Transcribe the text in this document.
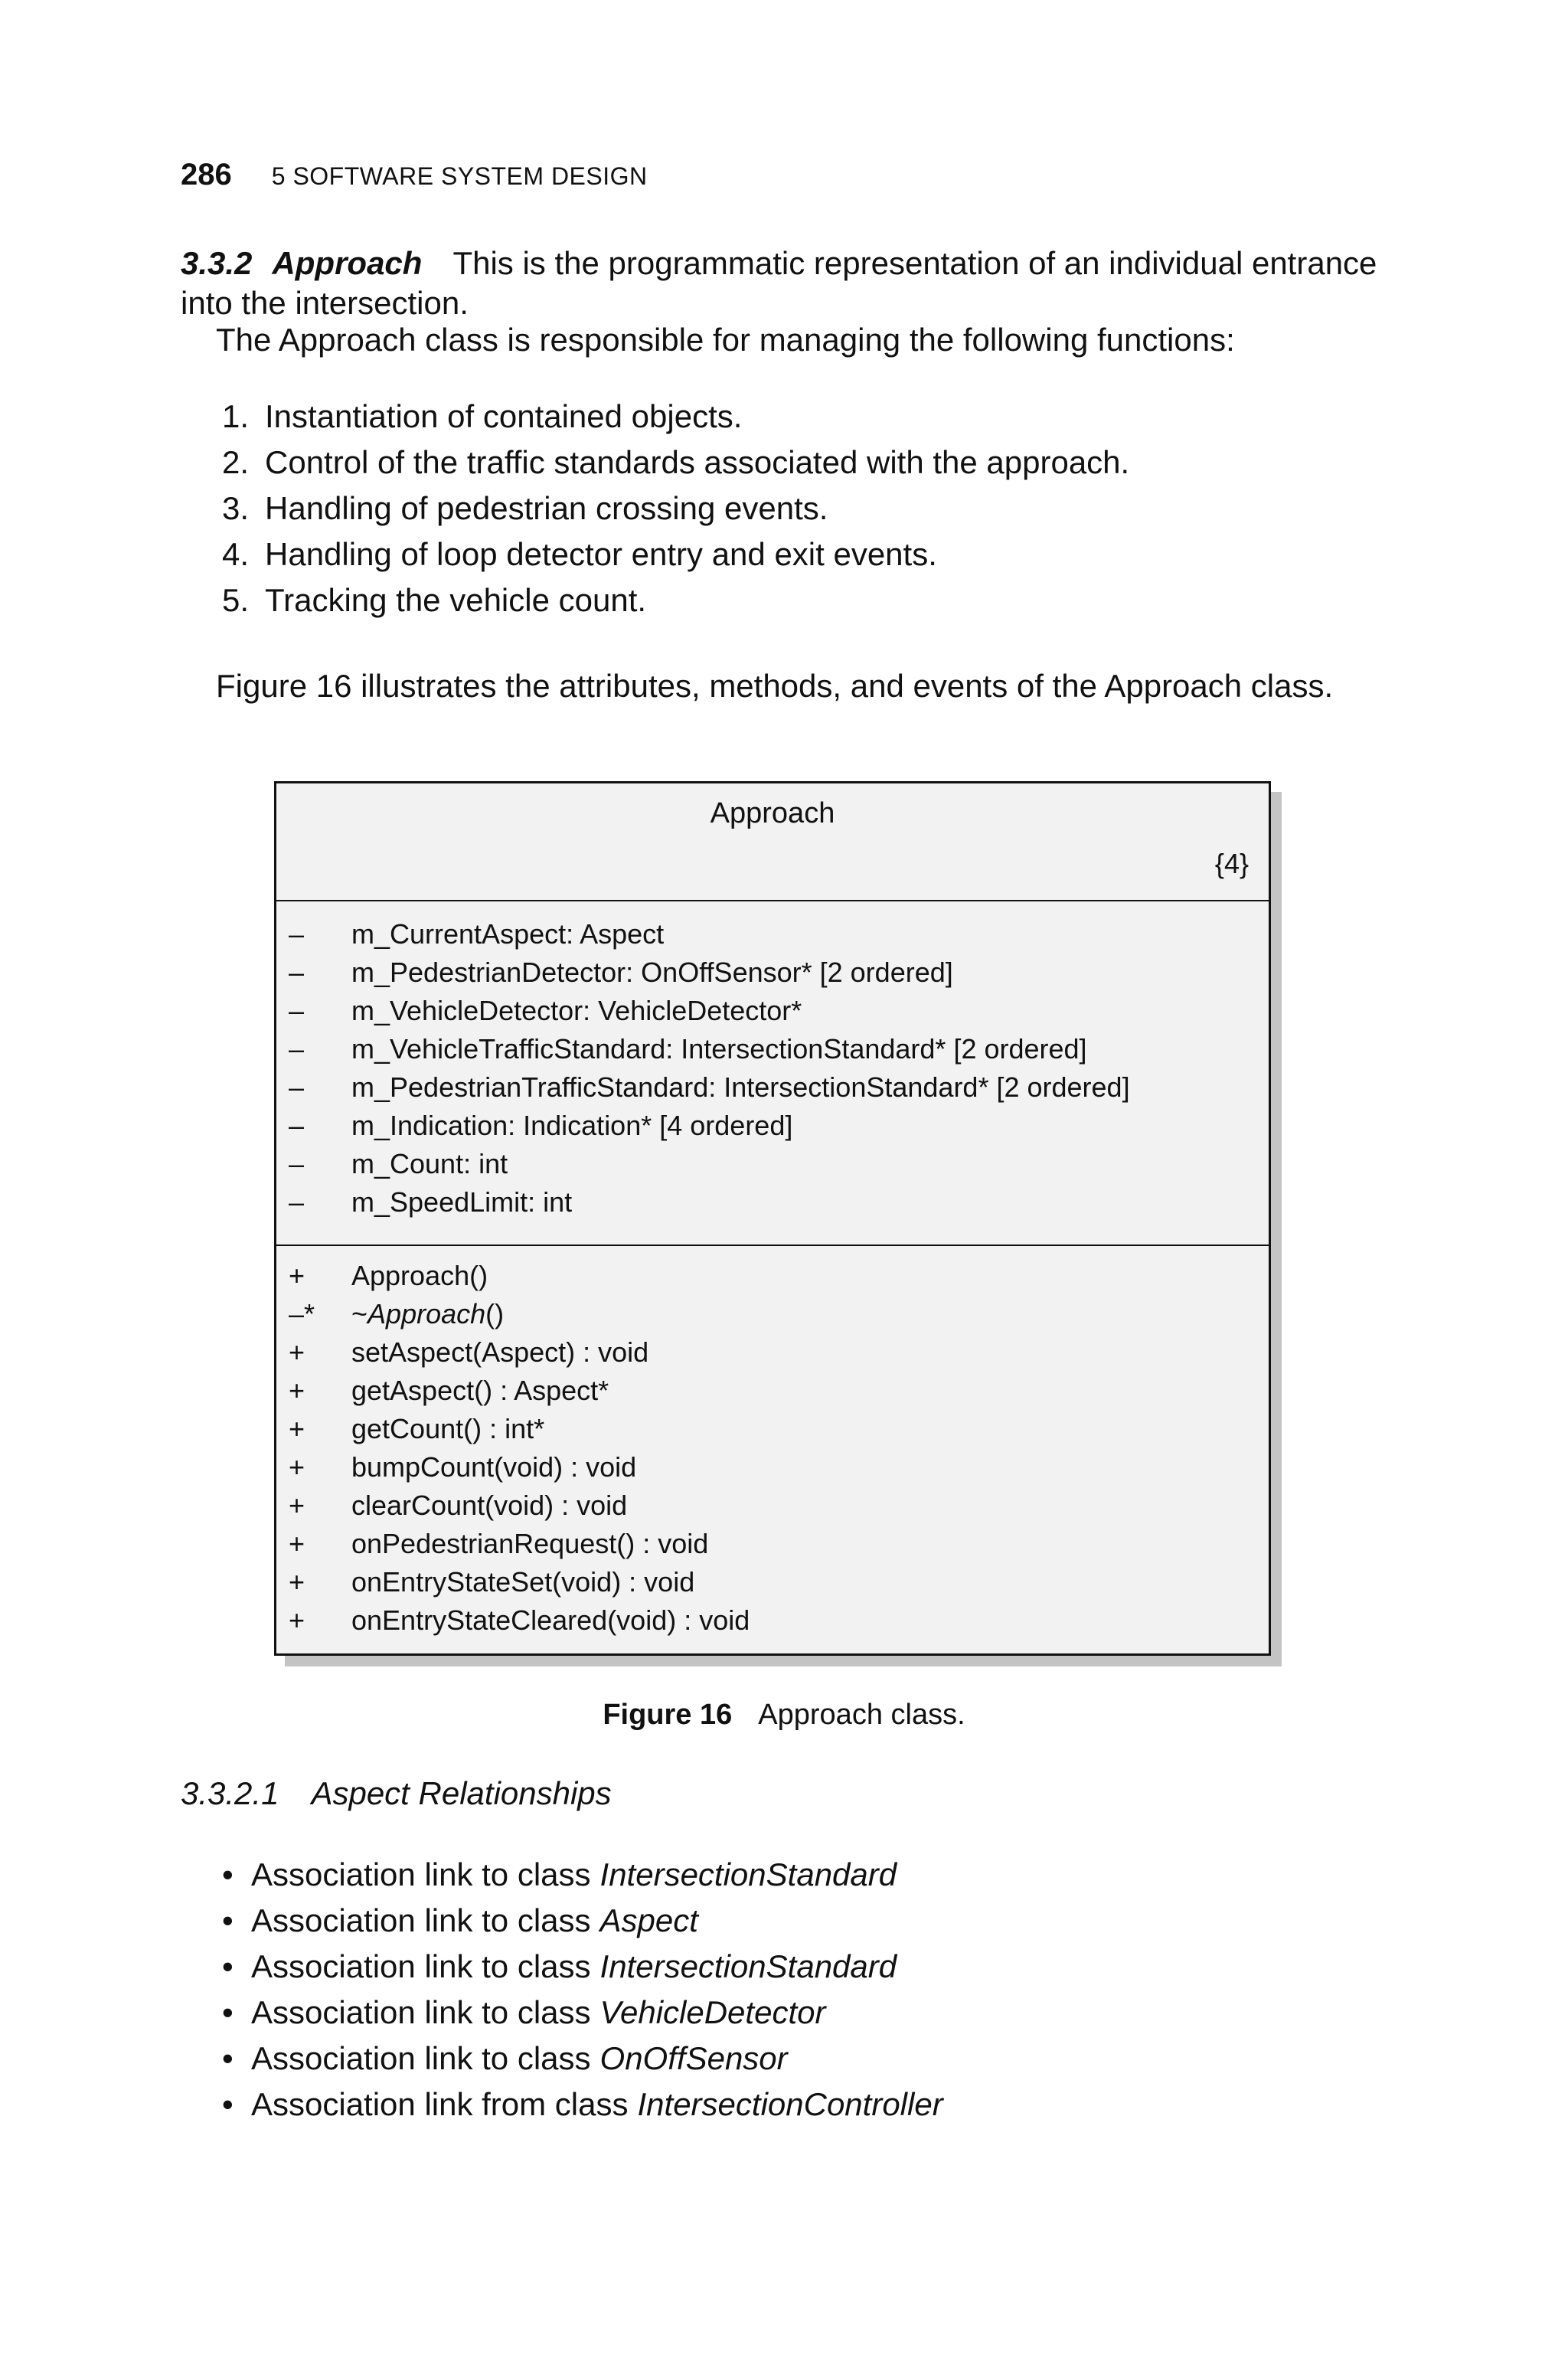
286 5 SOFTWARE SYSTEM DESIGN
3.3.2 Approach This is the programmatic representation of an individual entrance
into the intersection.
The Approach class is responsible for managing the following functions:
1. Instantiation of contained objects.
2. Control of the traffic standards associated with the approach.
3. Handling of pedestrian crossing events.
4. Handling of loop detector entry and exit events.
5. Tracking the vehicle count.
Figure 16 illustrates the attributes, methods, and events of the Approach class.
Approach
{4}
–	m_CurrentAspect: Aspect
–	m_PedestrianDetector: OnOffSensor* [2 ordered]
–	m_VehicleDetector: VehicleDetector*
–	m_VehicleTrafficStandard: IntersectionStandard* [2 ordered]
–	m_PedestrianTrafficStandard: IntersectionStandard* [2 ordered]
–	m_Indication: Indication* [4 ordered]
–	m_Count: int
–	m_SpeedLimit: int
+	Approach()
–* ~Approach()
+	setAspect(Aspect) : void
+	getAspect() : Aspect*
+	getCount() : int*
+	bumpCount(void) : void
+	clearCount(void) : void
+	onPedestrianRequest() : void
+	onEntryStateSet(void) : void
+	onEntryStateCleared(void) : void
Figure 16 Approach class.
3.3.2.1 Aspect Relationships
• Association link to class IntersectionStandard
• Association link to class Aspect
• Association link to class IntersectionStandard
• Association link to class VehicleDetector
• Association link to class OnOffSensor
• Association link from class IntersectionController
